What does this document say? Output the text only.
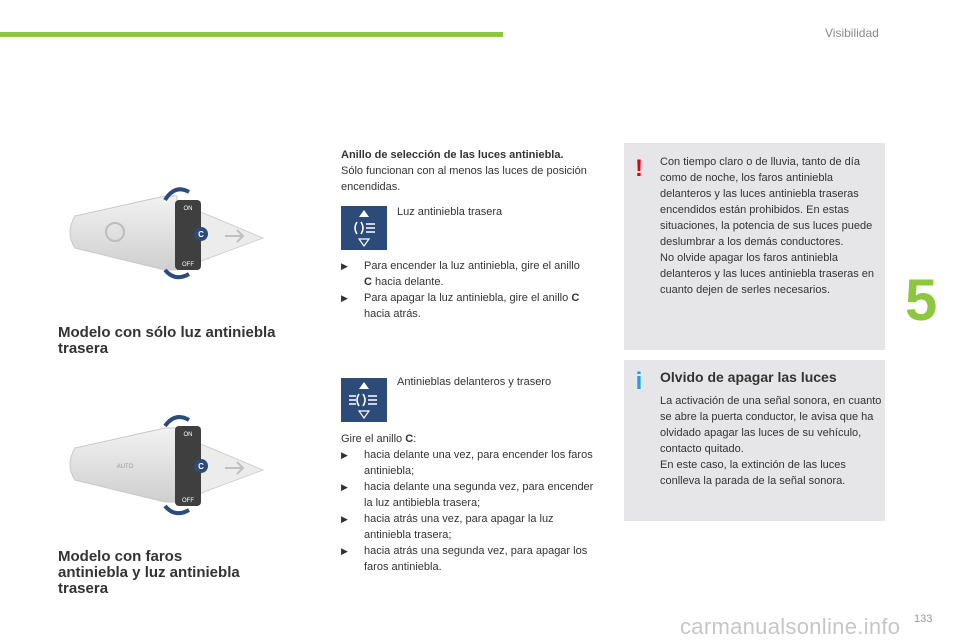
Visibilidad
5
ON
OFF
C
Modelo con sólo luz antiniebla
trasera
AUTO
ON
OFF
C
Modelo con faros
antiniebla y luz antiniebla
trasera
Anillo de selección de las luces antiniebla.
Sólo funcionan con al menos las luces de posición encendidas.
Luz antiniebla trasera
▶ Para encender la luz antiniebla, gire el anillo C hacia delante.
▶ Para apagar la luz antiniebla, gire el anillo C hacia atrás.
Antinieblas delanteros y trasero
Gire el anillo C:
▶ hacia delante una vez, para encender los faros antiniebla;
▶ hacia delante una segunda vez, para encender la luz antibiebla trasera;
▶ hacia atrás una vez, para apagar la luz antiniebla trasera;
▶ hacia atrás una segunda vez, para apagar los faros antiniebla.
! Con tiempo claro o de lluvia, tanto de día como de noche, los faros antiniebla delanteros y las luces antiniebla traseras encendidos están prohibidos. En estas situaciones, la potencia de sus luces puede deslumbrar a los demás conductores.
No olvide apagar los faros antiniebla delanteros y las luces antiniebla traseras en cuanto dejen de serles necesarios.
i Olvido de apagar las luces
La activación de una señal sonora, en cuanto se abre la puerta conductor, le avisa que ha olvidado apagar las luces de su vehículo, contacto quitado.
En este caso, la extinción de las luces conlleva la parada de la señal sonora.
carmanualsonline.info 133
